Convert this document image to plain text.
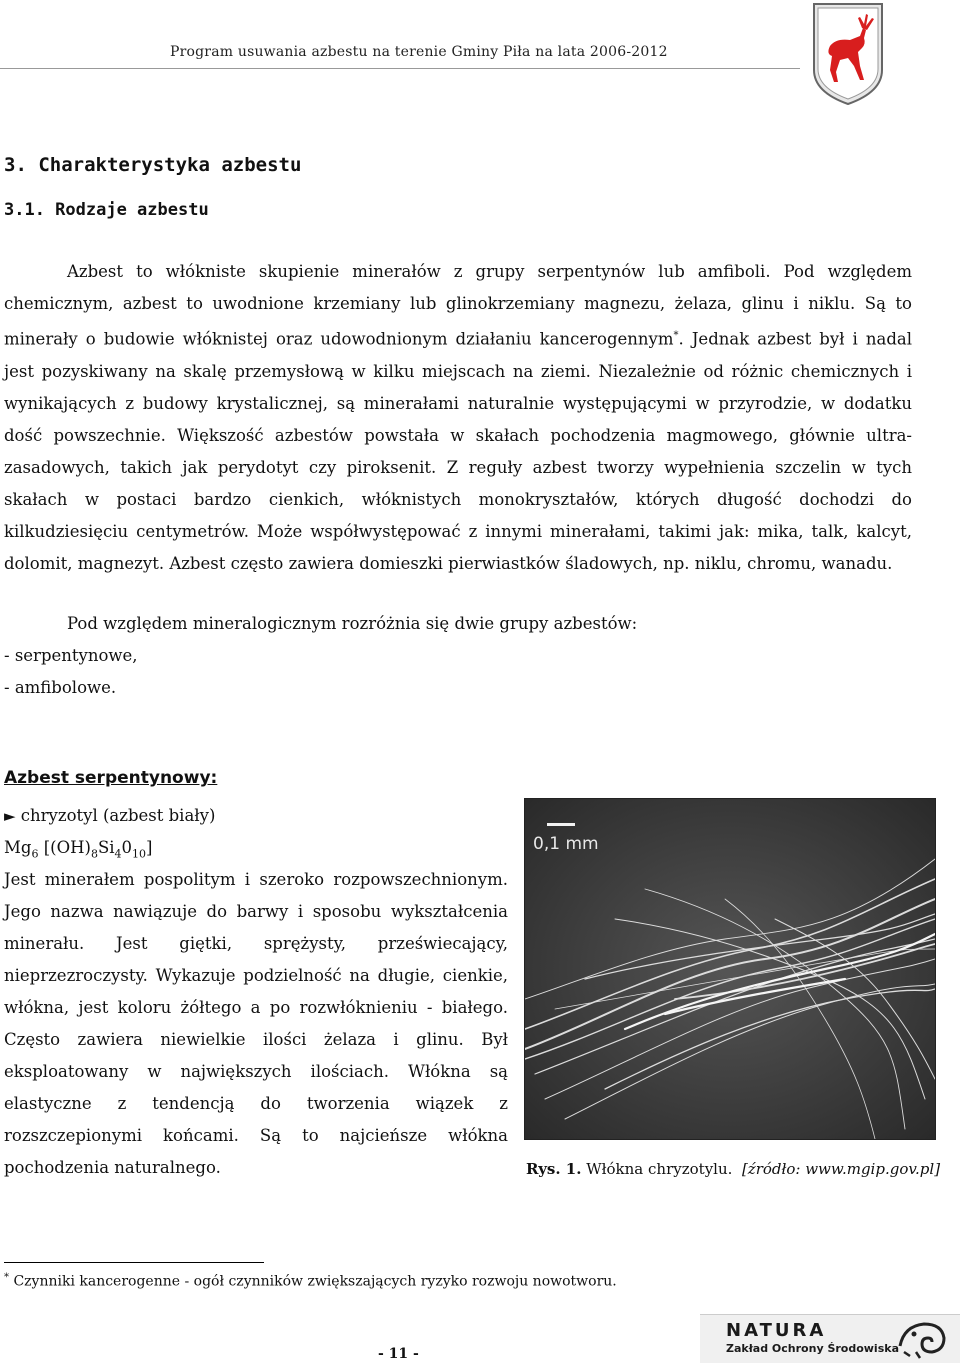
Program usuwania azbestu na terenie Gminy Piła na lata 2006-2012
3. Charakterystyka azbestu
3.1. Rodzaje azbestu

Azbest to włókniste skupienie minerałów z grupy serpentynów lub amfiboli. Pod względem chemicznym, azbest to uwodnione krzemiany lub glinokrzemiany magnezu, żelaza, glinu i niklu. Są to minerały o budowie włóknistej oraz udowodnionym działaniu kancerogennym*. Jednak azbest był i nadal jest pozyskiwany na skalę przemysłową w kilku miejscach na ziemi. Niezależnie od różnic chemicznych i wynikających z budowy krystalicznej, są minerałami naturalnie występującymi w przyrodzie, w dodatku dość powszechnie. Większość azbestów powstała w skałach pochodzenia magmowego, głównie ultra-zasadowych, takich jak perydotyt czy piroksenit. Z reguły azbest tworzy wypełnienia szczelin w tych skałach w postaci bardzo cienkich, włóknistych monokryształów, których długość dochodzi do kilkudziesięciu centymetrów. Może współwystępować z innymi minerałami, takimi jak: mika, talk, kalcyt, dolomit, magnezyt. Azbest często zawiera domieszki pierwiastków śladowych, np. niklu, chromu, wanadu.

Pod względem mineralogicznym rozróżnia się dwie grupy azbestów:

- serpentynowe,
- amfibolowe.
Azbest serpentynowy:
► chryzotyl (azbest biały)
$Mg_6$ $[(OH)_8Si_40_{10}]$

Jest minerałem pospolitym i szeroko rozpowszechnionym. Jego nazwa nawiązuje do barwy i sposobu wykształcenia minerału. Jest giętki, sprężysty, przeświecający, nieprzezroczysty. Wykazuje podzielność na długie, cienkie, włókna, jest koloru żółtego a po rozwłóknieniu - białego. Często zawiera niewielkie ilości żelaza i glinu. Był eksploatowany w największych ilościach. Włókna są elastyczne z tendencją do tworzenia wiązek z rozszczepionymi końcami. Są to najcieńsze włókna pochodzenia naturalnego.

0,1 mm
Rys. 1. Włókna chryzotylu. [źródło: www.mgip.gov.pl]
* Czynniki kancerogenne - ogół czynników zwiększających ryzyko rozwoju nowotworu.
- 11 -
NATURA
Zakład Ochrony Środowiska
